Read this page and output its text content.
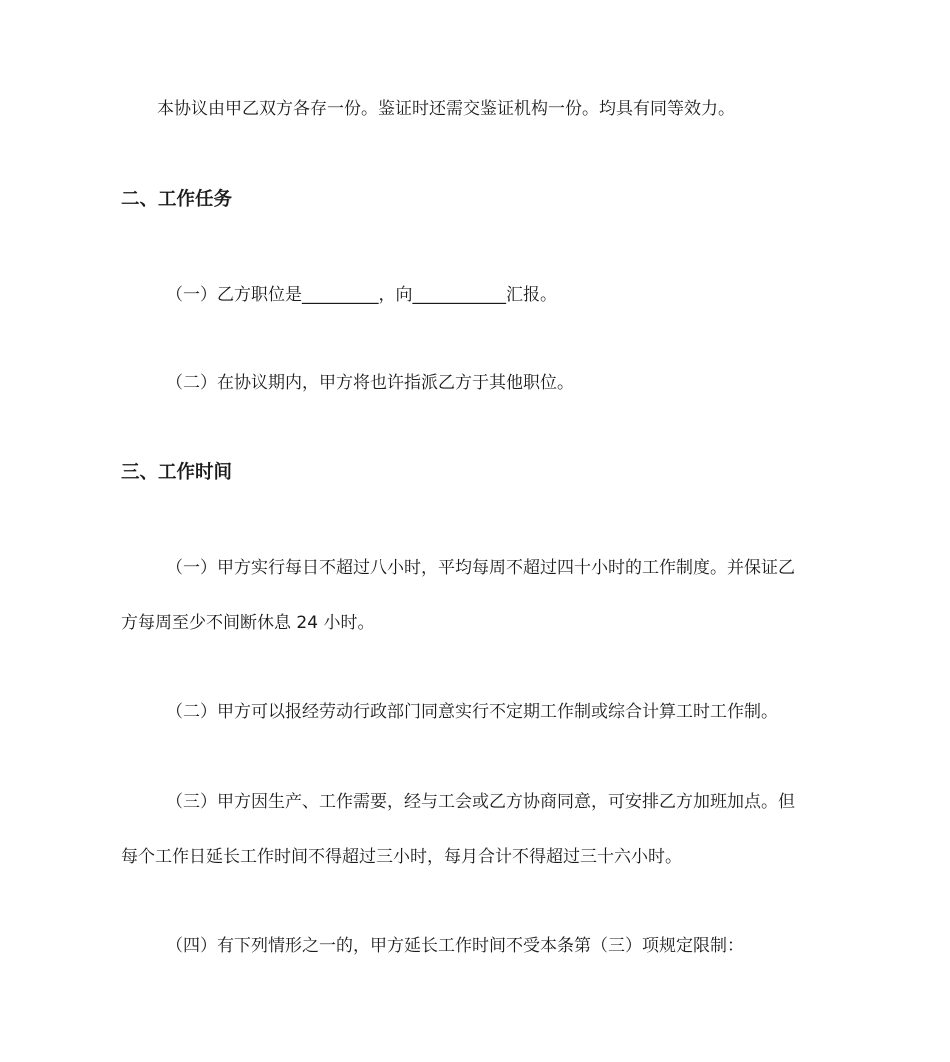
本协议由甲乙双方各存一份。鉴证时还需交鉴证机构一份。均具有同等效力。
二、工作任务
（一）乙方职位是_________，向___________汇报。
（二）在协议期内，甲方将也许指派乙方于其他职位。
三、工作时间
（一）甲方实行每日不超过八小时，平均每周不超过四十小时的工作制度。并保证乙
方每周至少不间断休息 24 小时。
（二）甲方可以报经劳动行政部门同意实行不定期工作制或综合计算工时工作制。
（三）甲方因生产、工作需要，经与工会或乙方协商同意，可安排乙方加班加点。但
每个工作日延长工作时间不得超过三小时，每月合计不得超过三十六小时。
（四）有下列情形之一的，甲方延长工作时间不受本条第（三）项规定限制：
